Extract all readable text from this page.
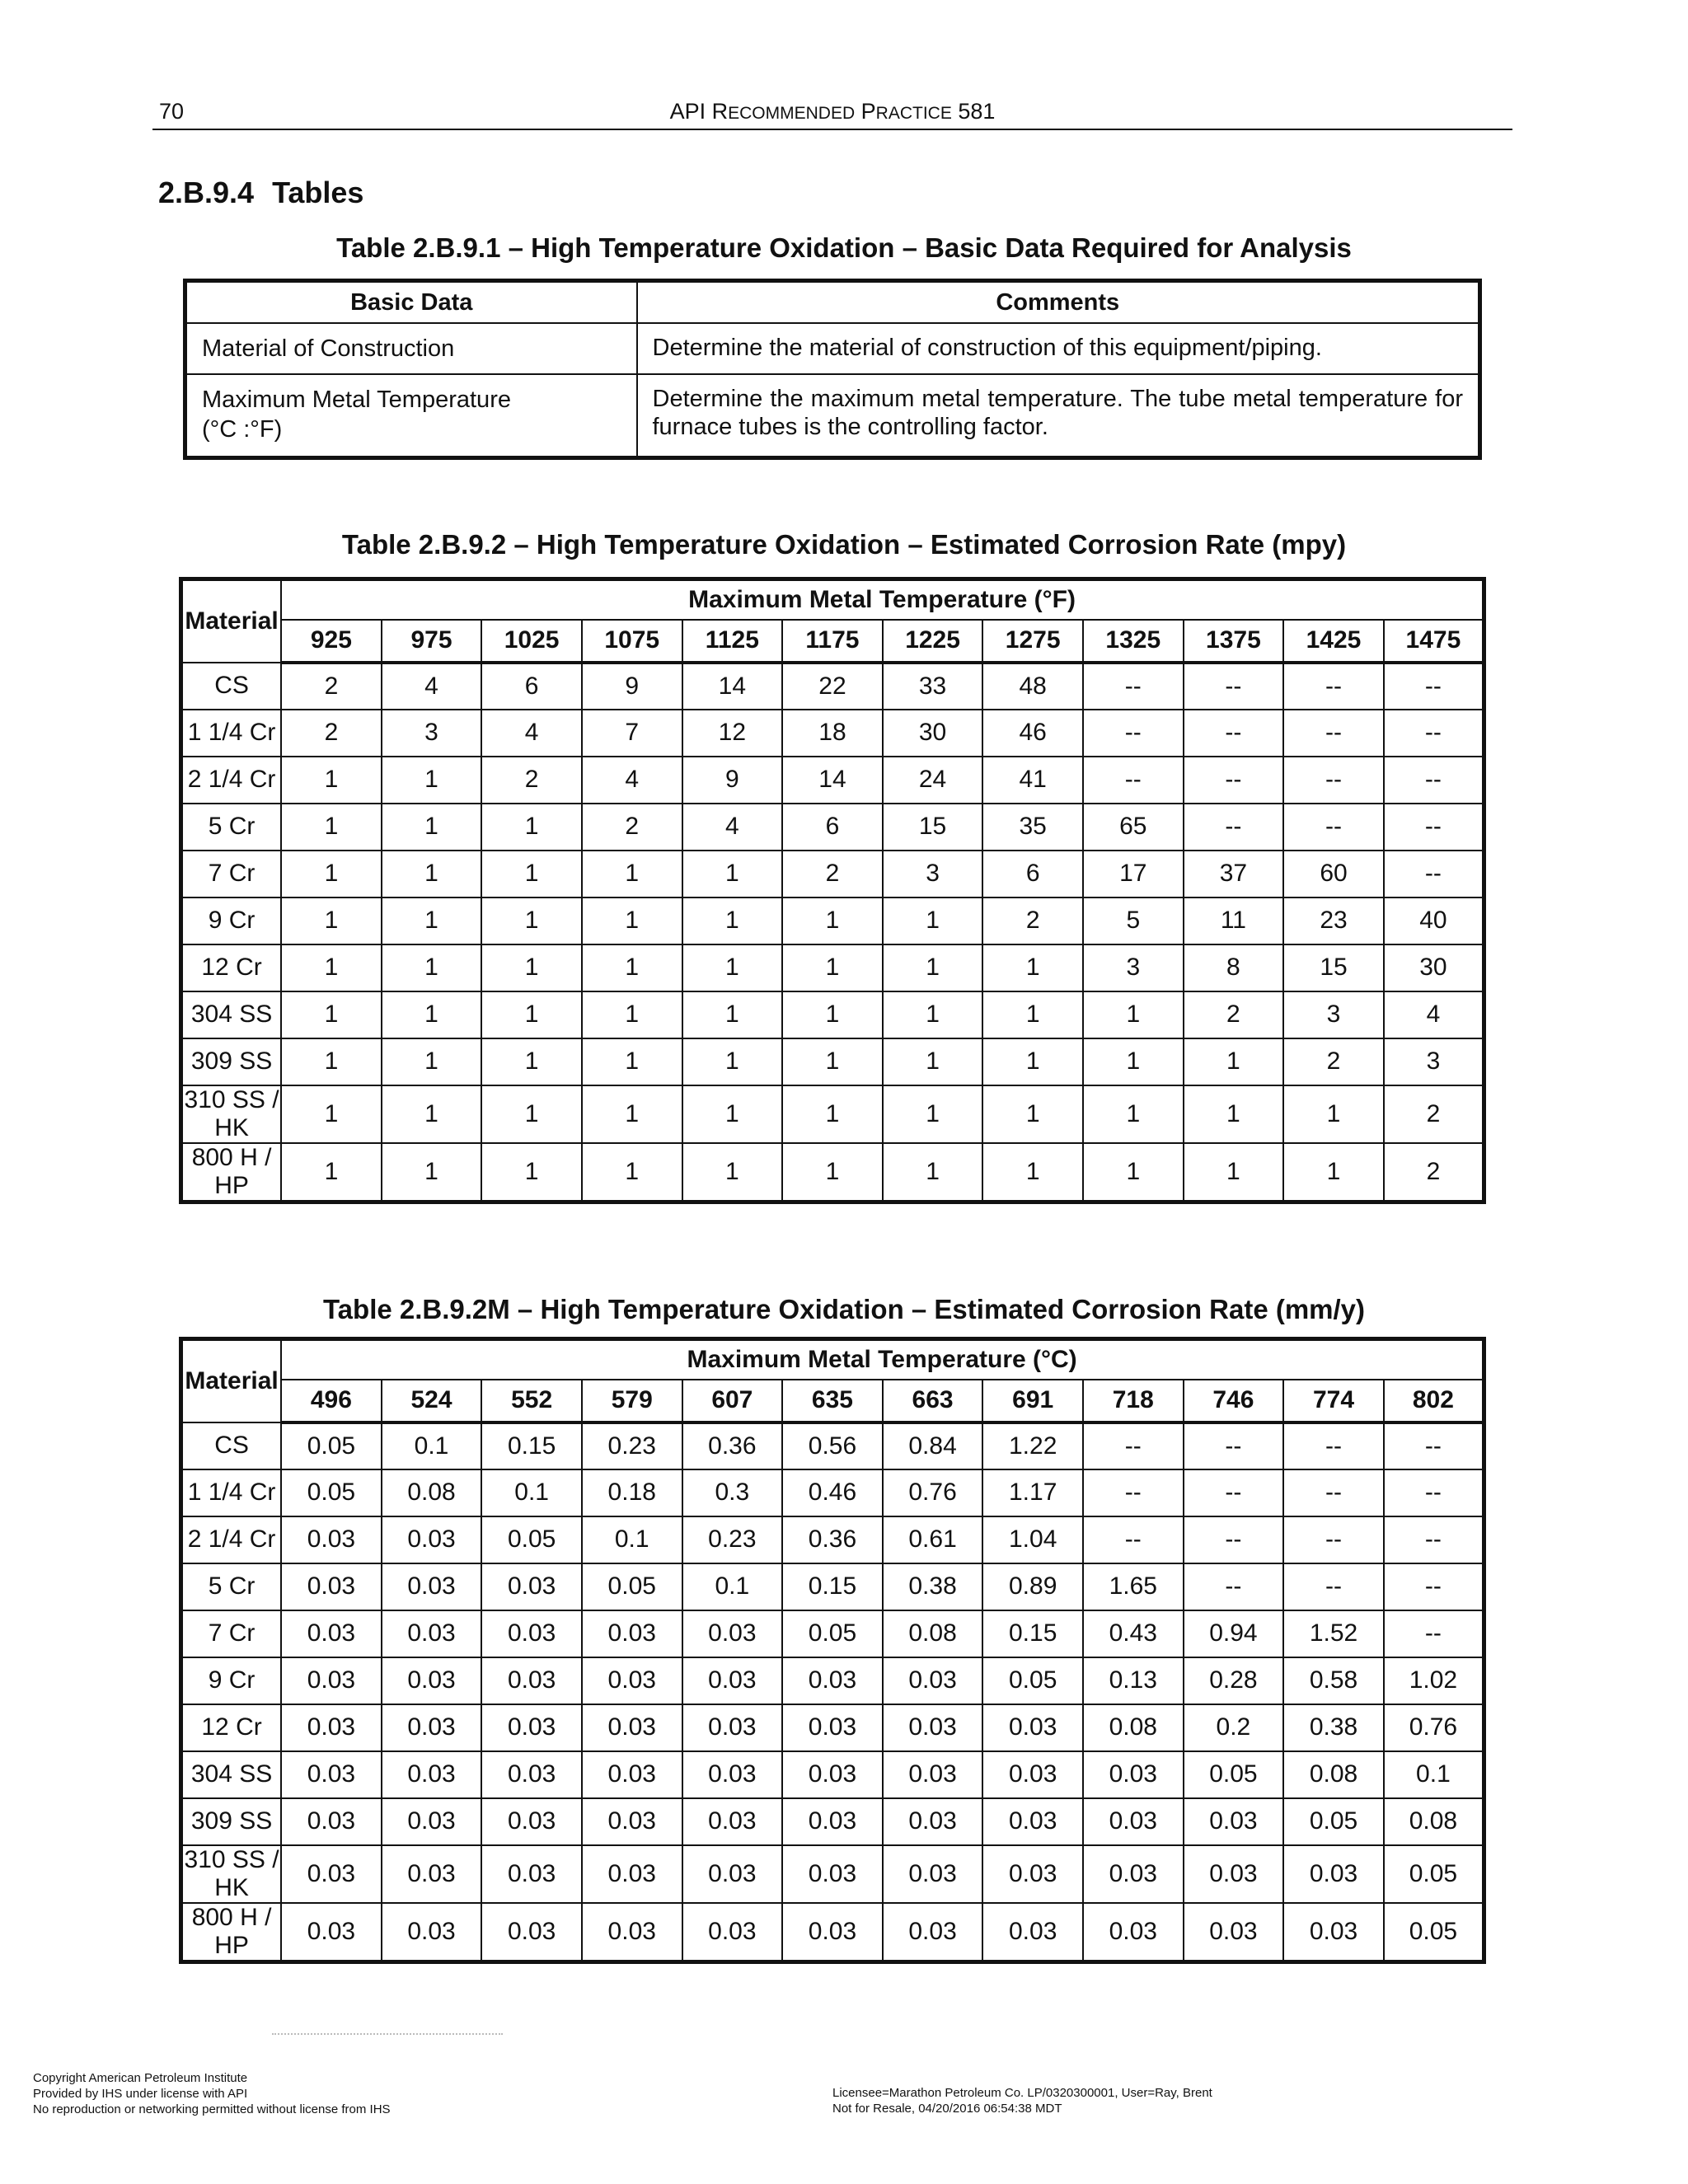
70	API RECOMMENDED PRACTICE 581
2.B.9.4 Tables
Table 2.B.9.1 – High Temperature Oxidation – Basic Data Required for Analysis
Basic Data	Comments
Material of Construction	Determine the material of construction of this equipment/piping.
Maximum Metal Temperature
(°C :°F)	Determine the maximum metal temperature. The tube metal temperature for furnace tubes is the controlling factor.
Table 2.B.9.2 – High Temperature Oxidation – Estimated Corrosion Rate (mpy)
Material	Maximum Metal Temperature (°F)											
	925	975	1025	1075	1125	1175	1225	1275	1325	1375	1425	1475
CS	2	4	6	9	14	22	33	48	--	--	--	--
1 1/4 Cr	2	3	4	7	12	18	30	46	--	--	--	--
2 1/4 Cr	1	1	2	4	9	14	24	41	--	--	--	--
5 Cr	1	1	1	2	4	6	15	35	65	--	--	--
7 Cr	1	1	1	1	1	2	3	6	17	37	60	--
9 Cr	1	1	1	1	1	1	1	2	5	11	23	40
12 Cr	1	1	1	1	1	1	1	1	3	8	15	30
304 SS	1	1	1	1	1	1	1	1	1	2	3	4
309 SS	1	1	1	1	1	1	1	1	1	1	2	3
310 SS / HK	1	1	1	1	1	1	1	1	1	1	1	2
800 H / HP	1	1	1	1	1	1	1	1	1	1	1	2
Table 2.B.9.2M – High Temperature Oxidation – Estimated Corrosion Rate (mm/y)
Material	Maximum Metal Temperature (°C)											
	496	524	552	579	607	635	663	691	718	746	774	802
CS	0.05	0.1	0.15	0.23	0.36	0.56	0.84	1.22	--	--	--	--
1 1/4 Cr	0.05	0.08	0.1	0.18	0.3	0.46	0.76	1.17	--	--	--	--
2 1/4 Cr	0.03	0.03	0.05	0.1	0.23	0.36	0.61	1.04	--	--	--	--
5 Cr	0.03	0.03	0.03	0.05	0.1	0.15	0.38	0.89	1.65	--	--	--
7 Cr	0.03	0.03	0.03	0.03	0.03	0.05	0.08	0.15	0.43	0.94	1.52	--
9 Cr	0.03	0.03	0.03	0.03	0.03	0.03	0.03	0.05	0.13	0.28	0.58	1.02
12 Cr	0.03	0.03	0.03	0.03	0.03	0.03	0.03	0.03	0.08	0.2	0.38	0.76
304 SS	0.03	0.03	0.03	0.03	0.03	0.03	0.03	0.03	0.03	0.05	0.08	0.1
309 SS	0.03	0.03	0.03	0.03	0.03	0.03	0.03	0.03	0.03	0.03	0.05	0.08
310 SS / HK	0.03	0.03	0.03	0.03	0.03	0.03	0.03	0.03	0.03	0.03	0.03	0.05
800 H / HP	0.03	0.03	0.03	0.03	0.03	0.03	0.03	0.03	0.03	0.03	0.03	0.05
Copyright American Petroleum Institute
Provided by IHS under license with API
No reproduction or networking permitted without license from IHS
Licensee=Marathon Petroleum Co. LP/0320300001, User=Ray, Brent
Not for Resale, 04/20/2016 06:54:38 MDT
